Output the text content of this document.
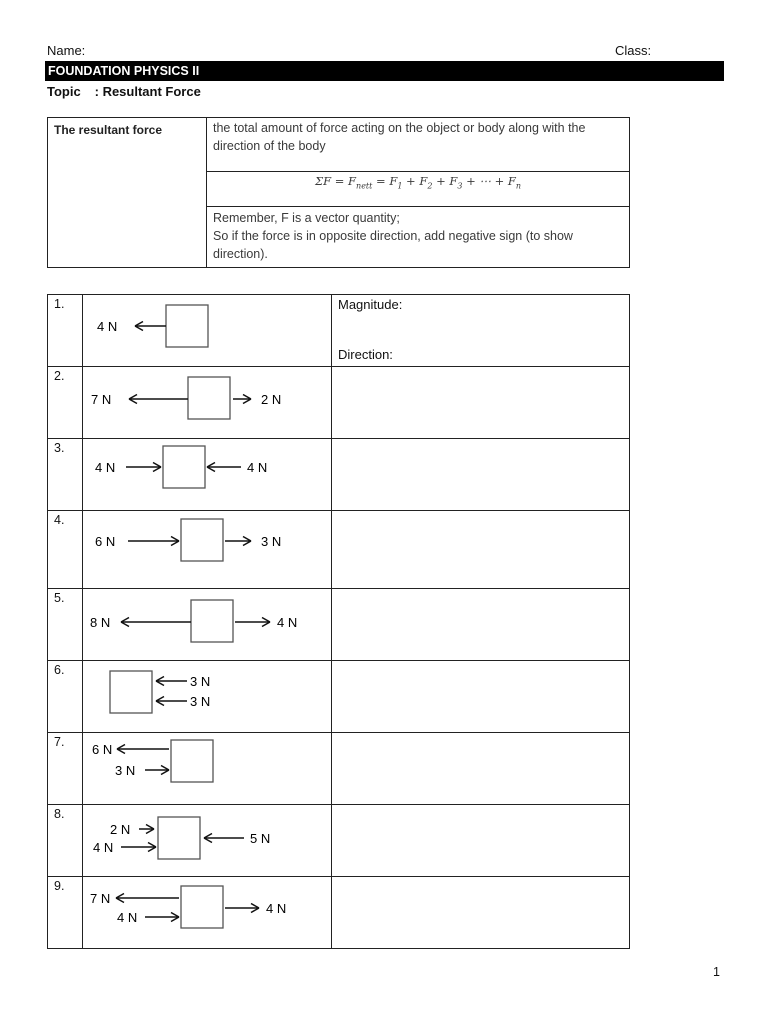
Name:	Class:
FOUNDATION PHYSICS II
Topic : Resultant Force
The resultant force	the total amount of force acting on the object or body along with the direction of the body
$\Sigma F = F_{nett} = F_1 + F_2 + F_3$ + ⋯ + $F_n$

Remember, F is a vector quantity;
So if the force is in opposite direction, add negative sign (to show direction).
1.	4 N	Magnitude:
Direction:

2.	7 N 2 N	

3.	4 N 4 N	

4.	6 N 3 N	

5.	8 N 4 N	

6.	3 N
3 N	

7.	6 N
3 N	

8.	2 N
4 N
5 N	

9.	7 N
4 N
4 N	

1
